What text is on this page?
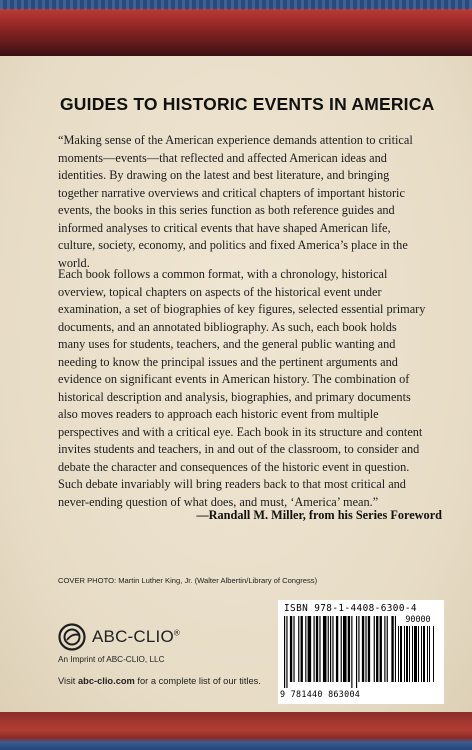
GUIDES TO HISTORIC EVENTS IN AMERICA

“Making sense of the American experience demands attention to critical moments—events—that reflected and affected American ideas and identities. By drawing on the latest and best literature, and bringing together narrative overviews and critical chapters of important historic events, the books in this series function as both reference guides and informed analyses to critical events that have shaped American life, culture, society, economy, and politics and fixed America’s place in the world.

Each book follows a common format, with a chronology, historical overview, topical chapters on aspects of the historical event under examination, a set of biographies of key figures, selected essential primary documents, and an annotated bibliography. As such, each book holds many uses for students, teachers, and the general public wanting and needing to know the principal issues and the pertinent arguments and evidence on significant events in American history. The combination of historical description and analysis, biographies, and primary documents also moves readers to approach each historic event from multiple perspectives and with a critical eye. Each book in its structure and content invites students and teachers, in and out of the classroom, to consider and debate the character and consequences of the historic event in question. Such debate invariably will bring readers back to that most critical and never-ending question of what does, and must, ‘America’ mean.”

—Randall M. Miller, from his Series Foreword

COVER PHOTO: Martin Luther King, Jr. (Walter Albertin/Library of Congress)

ABC-CLIO®

An Imprint of ABC-CLIO, LLC

Visit abc-clio.com for a complete list of our titles.

ISBN 978-1-4408-6300-4
90000
9 781440 863004
